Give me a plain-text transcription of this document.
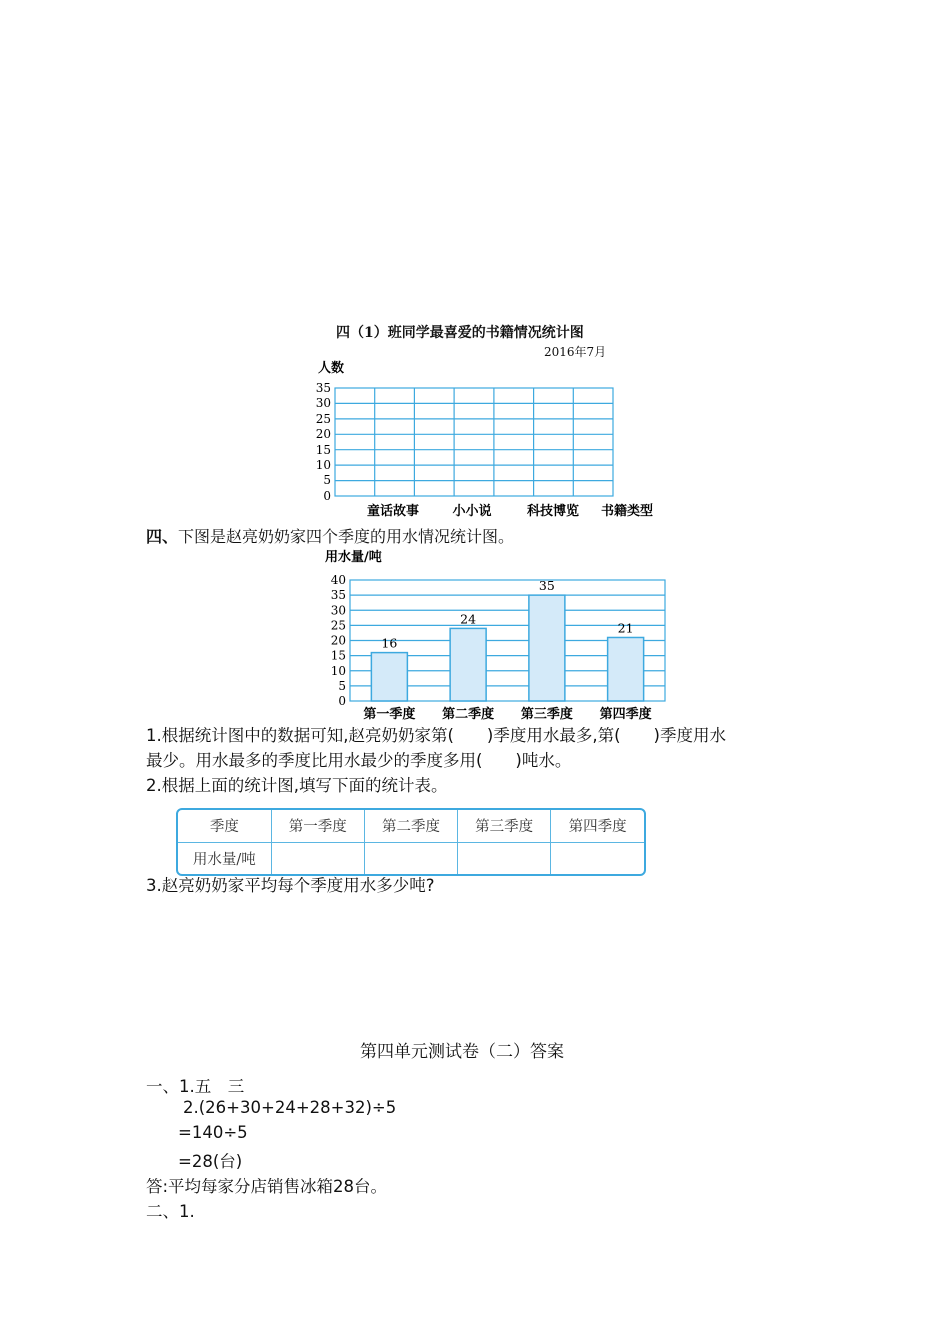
四（1）班同学最喜爱的书籍情况统计图
2016年7月
人数
35
30
25
20
15
10
5
0
童话故事	小小说	科技博览 书籍类型
四、下图是赵亮奶奶家四个季度的用水情况统计图。
用水量/吨
40
35
30
25
20
15
10
5
0
16
24
35
21
第一季度 第二季度 第三季度 第四季度
1.根据统计图中的数据可知,赵亮奶奶家第(　　)季度用水最多,第(　　)季度用水
最少。用水最多的季度比用水最少的季度多用(　　)吨水。
2.根据上面的统计图,填写下面的统计表。
3.赵亮奶奶家平均每个季度用水多少吨?
季度	第一季度	第二季度	第三季度	第四季度
用水量/吨				
第四单元测试卷（二）答案
一、1.五　三
2.(26+30+24+28+32)÷5
=140÷5
=28(台)
答:平均每家分店销售冰箱28台。
二、1.
